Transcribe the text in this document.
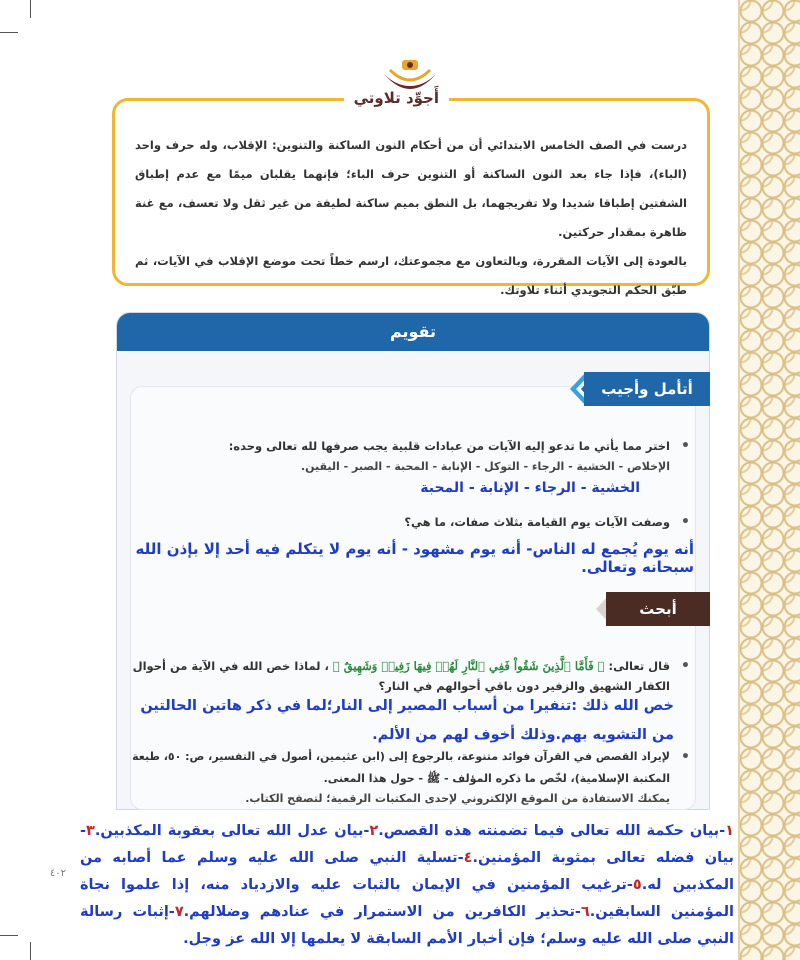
أَجوِّد تلاوتي

درست في الصف الخامس الابتدائي أن من أحكام النون الساكنة والتنوين: الإقلاب، وله حرف واحد (الباء)، فإذا جاء بعد النون الساكنة أو التنوين حرف الباء؛ فإنهما يقلبان ميمًا مع عدم إطباق الشفتين إطباقا شديدا ولا تفريجهما، بل النطق بميم ساكنة لطيفة من غير ثقل ولا تعسف، مع غنة ظاهرة بمقدار حركتين.

بالعودة إلى الآيات المقررة، وبالتعاون مع مجموعتك، ارسم خطاً تحت موضع الإقلاب في الآيات، ثم طبّق الحكم التجويدي أثناء تلاوتك.

تقويم
أتأمل وأجيب
اختر مما يأتي ما تدعو إليه الآيات من عبادات قلبية يجب صرفها لله تعالى وحده: •
الإخلاص - الخشية - الرجاء - التوكل - الإنابة - المحبة - الصبر - اليقين.
الخشية - الرجاء - الإنابة - المحبة
وصفت الآيات يوم القيامة بثلاث صفات، ما هي؟ •
أنه يوم يُجمع له الناس- أنه يوم مشهود - أنه يوم لا يتكلم فيه أحد إلا بإذن الله سبحانه وتعالى.
أبحث
قال تعالى: ﴿ فَأَمَّا ٱلَّذِينَ شَقُواْ فَفِي ٱلنَّارِ لَهُمۡ فِيهَا زَفِيرٞ وَشَهِيقٌ ﴾ ، لماذا خص الله في الآية من أحوال الكفار الشهيق والزفير دون باقي أحوالهم في النار؟ •
خص الله ذلك :تنفيرا من أسباب المصير إلى النار؛لما في ذكر هاتين الحالتين من التشويه بهم.وذلك أخوف لهم من الألم.
لإيراد القصص في القرآن فوائد متنوعة، بالرجوع إلى (ابن عثيمين، أصول في التفسير، ص: ٥٠، طبعة المكتبة الإسلامية)، لخّص ما ذكره المؤلف - ﷺ - حول هذا المعنى. •
يمكنك الاستفادة من الموقع الإلكتروني لإحدى المكتبات الرقمية؛ لتصفح الكتاب.
١-بيان حكمة الله تعالى فيما تضمنته هذه القصص.٢-بيان عدل الله تعالى بعقوبة المكذبين.٣-بيان فضله تعالى بمثوبة المؤمنين.٤-تسلية النبي صلى الله عليه وسلم عما أصابه من المكذبين له.٥-ترغيب المؤمنين في الإيمان بالثبات عليه والازدياد منه، إذا علموا نجاة المؤمنين السابقين.٦-تحذير الكافرين من الاستمرار في عنادهم وضلالهم.٧-إثبات رسالة النبي صلى الله عليه وسلم؛ فإن أخبار الأمم السابقة لا يعلمها إلا الله عز وجل.
٤٠٢
